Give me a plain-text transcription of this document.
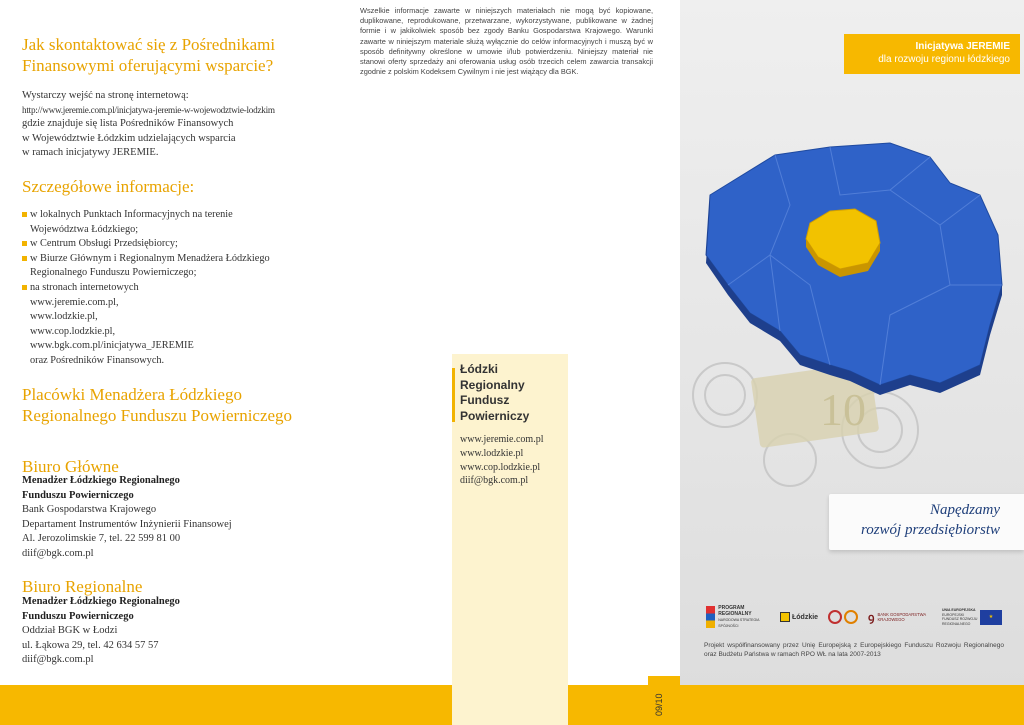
Jak skontaktować się z Pośrednikami Finansowymi oferującymi wsparcie?
Wystarczy wejść na stronę internetową:
http://www.jeremie.com.pl/inicjatywa-jeremie-w-wojewodztwie-lodzkim
gdzie znajduje się lista Pośredników Finansowych
w Województwie Łódzkim udzielających wsparcia
w ramach inicjatywy JEREMIE.
Szczegółowe informacje:
w lokalnych Punktach Informacyjnych na terenie
Województwa Łódzkiego;
w Centrum Obsługi Przedsiębiorcy;
w Biurze Głównym i Regionalnym Menadżera Łódzkiego
Regionalnego Funduszu Powierniczego;
na stronach internetowych
www.jeremie.com.pl,
www.lodzkie.pl,
www.cop.lodzkie.pl,
www.bgk.com.pl/inicjatywa_JEREMIE
oraz Pośredników Finansowych.
Placówki Menadżera Łódzkiego Regionalnego Funduszu Powierniczego
Biuro Główne
Menadżer Łódzkiego Regionalnego
Funduszu Powierniczego
Bank Gospodarstwa Krajowego
Departament Instrumentów Inżynierii Finansowej
Al. Jerozolimskie 7, tel. 22 599 81 00
diif@bgk.com.pl
Biuro Regionalne
Menadżer Łódzkiego Regionalnego
Funduszu Powierniczego
Oddział BGK w Łodzi
ul. Łąkowa 29, tel. 42 634 57 57
diif@bgk.com.pl

Wszelkie informacje zawarte w niniejszych materiałach nie mogą być kopiowane, duplikowane, reprodukowane, przetwarzane, wykorzystywane, publikowane w żadnej formie i w jakikolwiek sposób bez zgody Banku Gospodarstwa Krajowego. Warunki zawarte w niniejszym materiale służą wyłącznie do celów informacyjnych i muszą być w sposób definitywny określone w umowie i/lub potwierdzeniu. Niniejszy materiał nie stanowi oferty sprzedaży ani oferowania usług osób trzecich celem zawarcia transakcji zgodnie z polskim Kodeksem Cywilnym i nie jest wiążący dla BGK.

Łódzki
Regionalny
Fundusz
Powierniczy
www.jeremie.com.pl
www.lodzkie.pl
www.cop.lodzkie.pl
diif@bgk.com.pl
09/10
Inicjatywa JEREMIE
dla rozwoju regionu łódzkiego
10
Napędzamy
rozwój przedsiębiorstw
PROGRAM REGIONALNY
NARODOWA STRATEGIA SPÓJNOŚCI
Łódzkie	ꝯ BANK GOSPODARSTWA KRAJOWEGO
UNIA EUROPEJSKA
EUROPEJSKI FUNDUSZ ROZWOJU REGIONALNEGO
★

Projekt współfinansowany przez Unię Europejską z Europejskiego Funduszu Rozwoju Regionalnego oraz Budżetu Państwa w ramach RPO WŁ na lata 2007-2013
